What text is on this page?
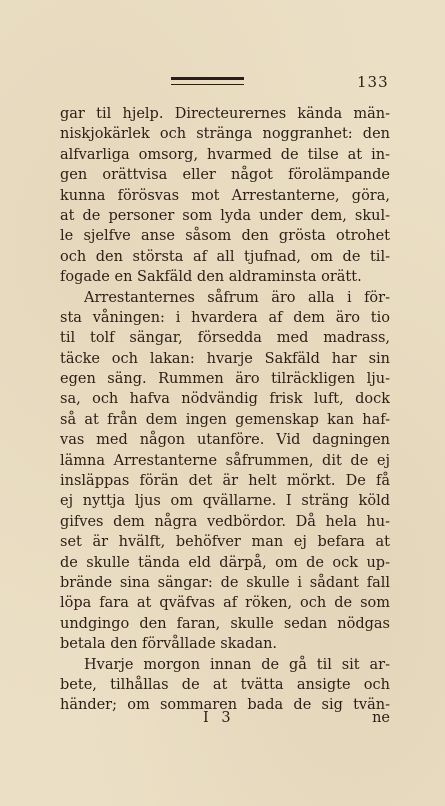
133
gar til hjelp. Directeurernes kända män-
niskjokärlek och stränga noggranhet: den
alfvarliga omsorg, hvarmed de tilse at in-
gen orättvisa eller något förolämpande
kunna förösvas mot Arrestanterne, göra,
at de personer som lyda under dem, skul-
le sjelfve anse såsom den grösta otrohet
och den största af all tjufnad, om de til-
fogade en Sakfäld den aldraminsta orätt.
Arrestanternes såfrum äro alla i för-
sta våningen: i hvardera af dem äro tio
til tolf sängar, försedda med madrass,
täcke och lakan: hvarje Sakfäld har sin
egen säng. Rummen äro tilräckligen lju-
sa, och hafva nödvändig frisk luft, dock
så at från dem ingen gemenskap kan haf-
vas med någon utanföre. Vid dagningen
lämna Arrestanterne såfrummen, dit de ej
insläppas förän det är helt mörkt. De få
ej nyttja ljus om qvällarne. I sträng köld
gifves dem några vedbördor. Då hela hu-
set är hvälft, behöfver man ej befara at
de skulle tända eld därpå, om de ock up-
brände sina sängar: de skulle i sådant fall
löpa fara at qväfvas af röken, och de som
undgingo den faran, skulle sedan nödgas
betala den förvållade skadan.
Hvarje morgon innan de gå til sit ar-
bete, tilhållas de at tvätta ansigte och
händer; om sommaren bada de sig tvän-
I 3	ne
